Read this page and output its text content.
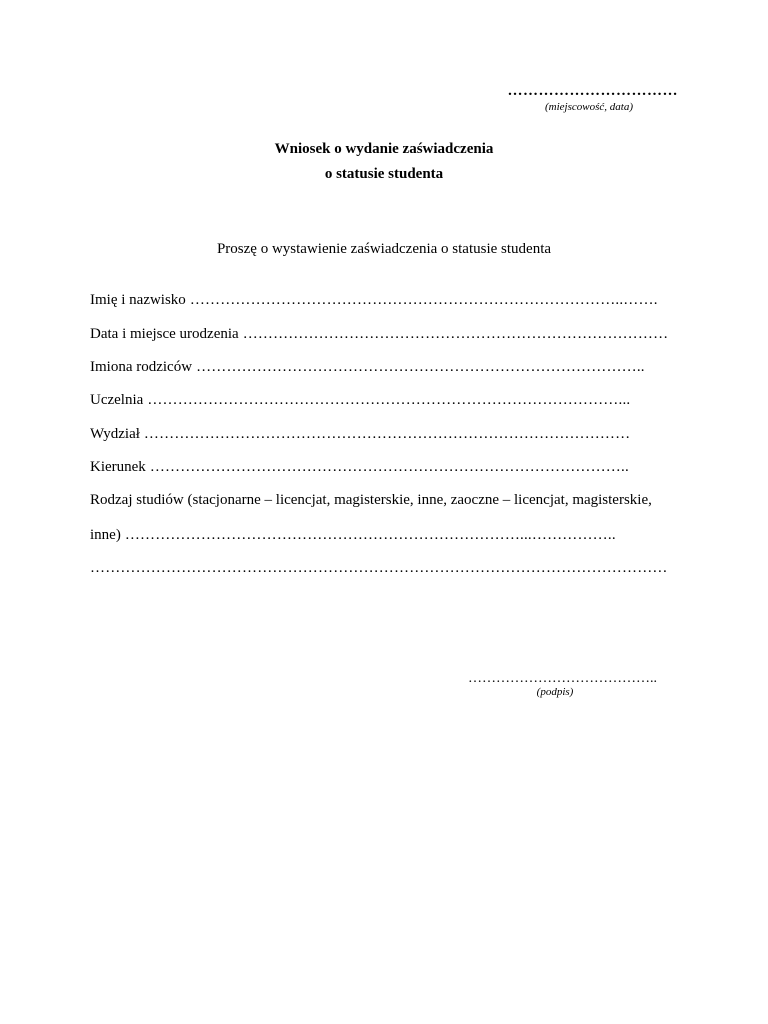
……………………………
(miejscowość, data)
Wniosek o wydanie zaświadczenia
o statusie studenta
Proszę o wystawienie zaświadczenia o statusie studenta
Imię i nazwisko …………………………………………………………………………..…….
Data i miejsce urodzenia …………………………………………………………………………
Imiona rodziców ……………………………………………………………………………..
Uczelnia …………………………………………………………………………………...
Wydział ……………………………………………………………………………………
Kierunek …………………………………………………………………………………..
Rodzaj studiów (stacjonarne – licencjat, magisterskie, inne, zaoczne – licencjat, magisterskie,
inne) ……………………………………………………………………...……………..
……………………………………………………………………………………………………
…………………………………..
(podpis)
